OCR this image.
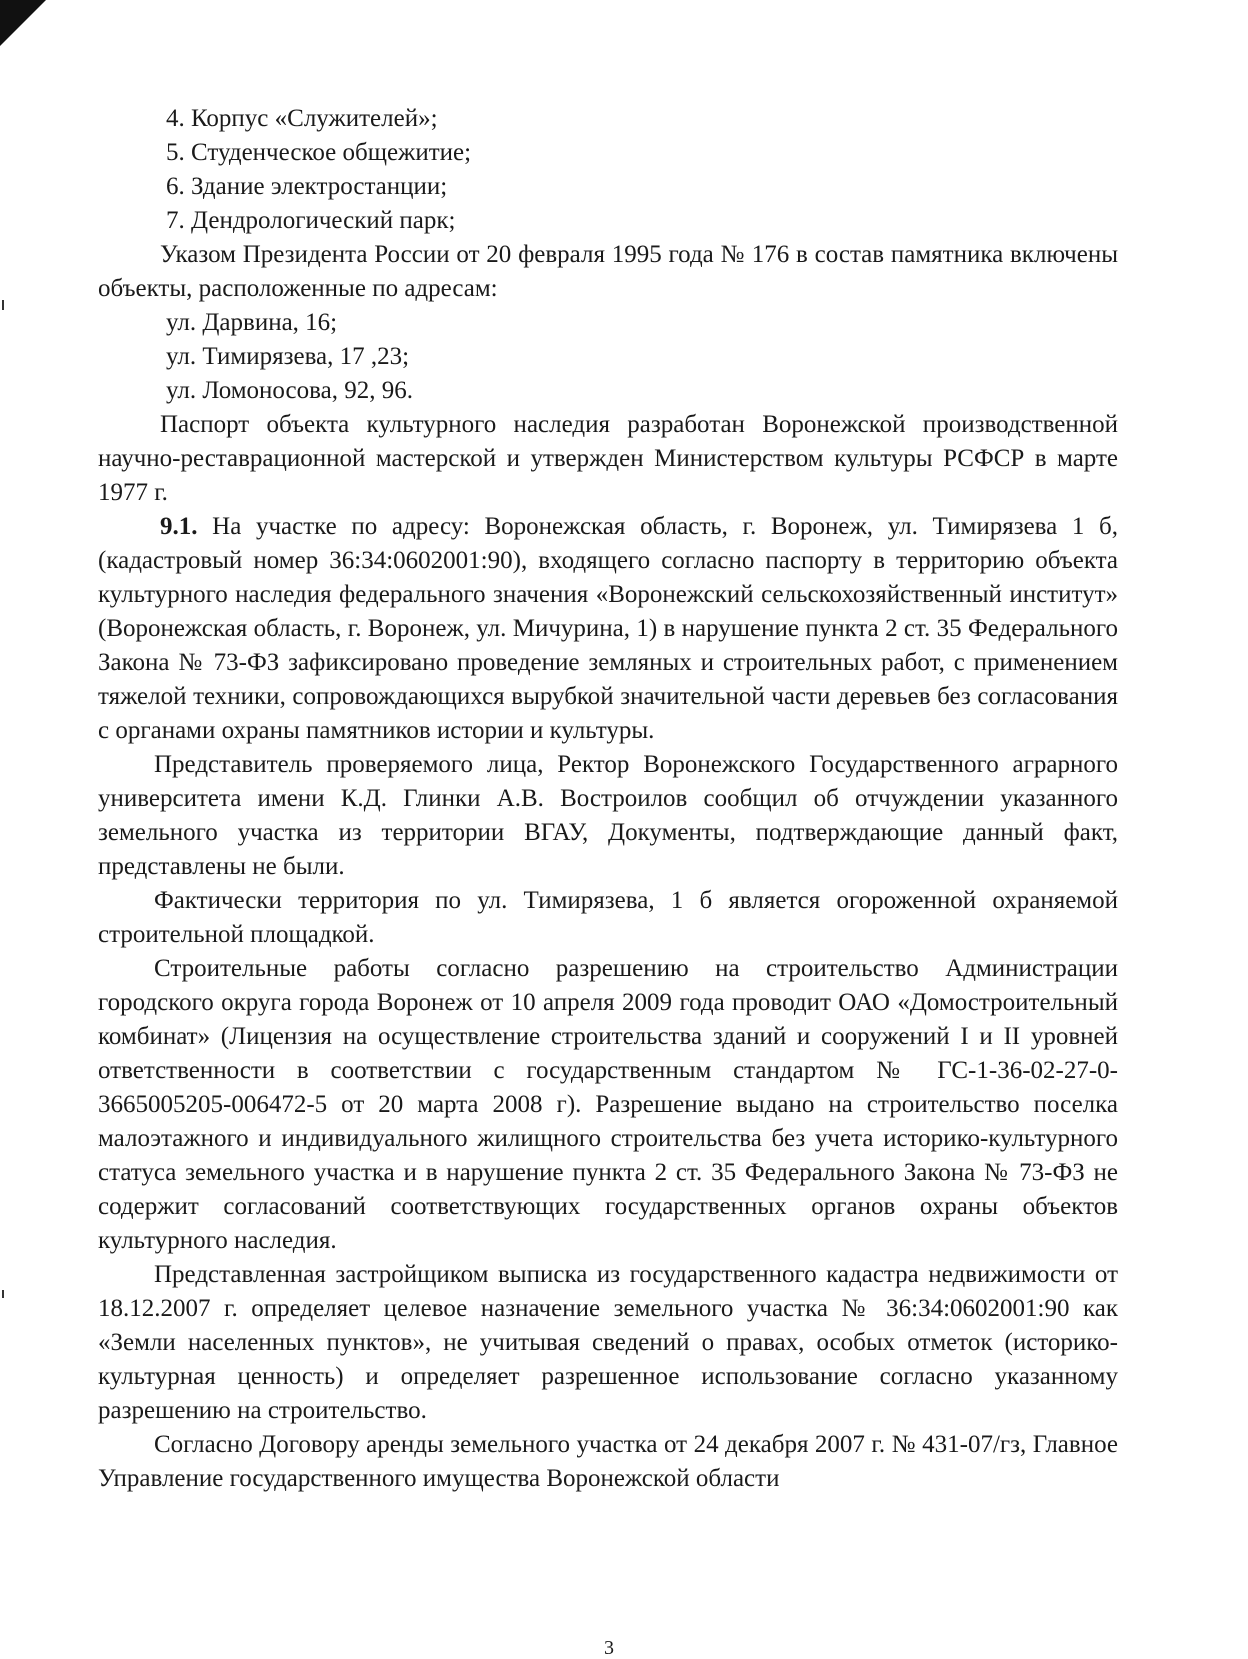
4. Корпус «Служителей»;
5. Студенческое общежитие;
6. Здание электростанции;
7. Дендрологический парк;
Указом Президента России от 20 февраля 1995 года № 176 в состав памятника включены объекты, расположенные по адресам:
ул. Дарвина, 16;
ул. Тимирязева, 17 ,23;
ул. Ломоносова, 92, 96.
Паспорт объекта культурного наследия разработан Воронежской производственной научно-реставрационной мастерской и утвержден Министерством культуры РСФСР в марте 1977 г.
9.1. На участке по адресу: Воронежская область, г. Воронеж, ул. Тимирязева 1 б, (кадастровый номер 36:34:0602001:90), входящего согласно паспорту в территорию объекта культурного наследия федерального значения «Воронежский сельскохозяйственный институт» (Воронежская область, г. Воронеж, ул. Мичурина, 1) в нарушение пункта 2 ст. 35 Федерального Закона № 73-ФЗ зафиксировано проведение земляных и строительных работ, с применением тяжелой техники, сопровождающихся вырубкой значительной части деревьев без согласования с органами охраны памятников истории и культуры.
Представитель проверяемого лица, Ректор Воронежского Государственного аграрного университета имени К.Д. Глинки А.В. Востроилов сообщил об отчуждении указанного земельного участка из территории ВГАУ, Документы, подтверждающие данный факт, представлены не были.
Фактически территория по ул. Тимирязева, 1 б является огороженной охраняемой строительной площадкой.
Строительные работы согласно разрешению на строительство Администрации городского округа города Воронеж от 10 апреля 2009 года проводит ОАО «Домостроительный комбинат» (Лицензия на осуществление строительства зданий и сооружений I и II уровней ответственности в соответствии с государственным стандартом № ГС-1-36-02-27-0-3665005205-006472-5 от 20 марта 2008 г). Разрешение выдано на строительство поселка малоэтажного и индивидуального жилищного строительства без учета историко-культурного статуса земельного участка и в нарушение пункта 2 ст. 35 Федерального Закона № 73-ФЗ не содержит согласований соответствующих государственных органов охраны объектов культурного наследия.
Представленная застройщиком выписка из государственного кадастра недвижимости от 18.12.2007 г. определяет целевое назначение земельного участка № 36:34:0602001:90 как «Земли населенных пунктов», не учитывая сведений о правах, особых отметок (историко-культурная ценность) и определяет разрешенное использование согласно указанному разрешению на строительство.
Согласно Договору аренды земельного участка от 24 декабря 2007 г. № 431-07/гз, Главное Управление государственного имущества Воронежской области
3
